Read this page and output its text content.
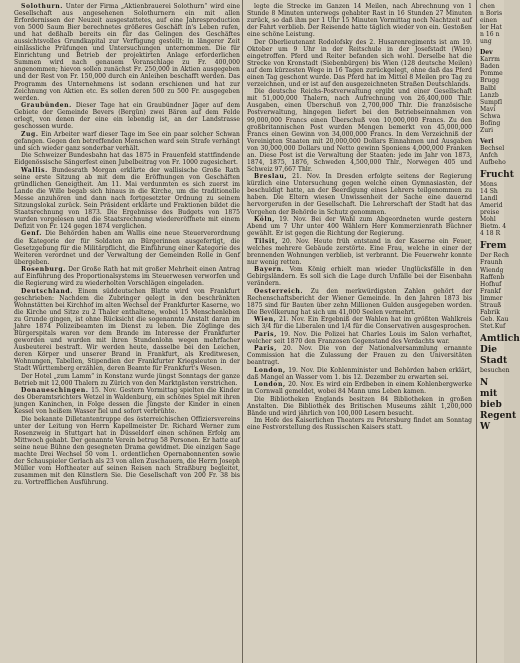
Solothurn. Unter der Firma „Aktienbrauerei Solothurn“ wird eine Gesellschaft aus angesehenen Solothurnern ein mit allen Erfordernissen der Neuzeit ausgestattetes, auf eine Jahresproduction von 5000 Saum Bier berechnetes größeres Geschäft in's Leben rufen, und hat deßhalb bereits ein für das Gelingen des Geschäftes aussichtsvolles Grundkapital zur Verfügung gestellt; in längerer Zeit einlässliche Prüfungen und Untersuchungen unternommen. Die für Einrichtung und Betrieb der projektirten Anlage erforderlichen Summen wird nach genauem Voranschlage zu Fr. 400,000 angenommen; hievon sollen zunächst Fr. 250,000 in Aktien ausgegeben und der Rest von Fr. 150,000 durch ein Anleihen beschafft werden. Das Programm des Unternehmens ist sodann erschienen und hat zur Zeichnung von Aktien etc. Es sollen deren 500 zu 500 Fr. ausgegeben werden.

Graubünden. Dieser Tage hat ein Graubündner Jäger auf dem Gebiete der Gemeinde Bevers (Bergün) zwei Bären auf dem Felde erlegt, von denen der eine ein lebendig ist, an der Landstrasse geschossen wurde.

Zug. Ein Arbeiter warf dieser Tage im See ein paar solcher Schwan gefangen. Gegen den betreffenden Menschen ward sein Strafe verhängt und sich wieder ganz sonderbar verhält.

Die Schweizer Bundesbahn hat das 1875 in Frauenfeld stattfindende Eidgenössische Sängerfest einen Jubelbeitrag von Fr. 1000 zugesichert.

Wallis. Bundesrath Morgan erklärte der wallisische Große Rath seine erste Sitzung ab mit dem die Eröffnungen von Geschäften gründlichen Geneigtheit. Am 11. Mai verdunmten es sich zuerst im Lande die Wille begab sich hinaus in die Kirche, um die traditionelle Messe anzuhören und dann nach fortgesetzter Ordnung zu seinem Sitzungslokal zurück. Sein Präsident erklärte und Fraktionen bildet die Staatsrechnung von 1873. Die Ergebnisse des Budgets von 1875 wurden vorgelesen und die Staatsrechnung wiedereröffnete mit einem Defizit von Fr. 124 gegen 1874 verglichen.

Genf. Die Behörden haben am Wallis eine neue Steuerverordnung die Kategorie der für Soldaten an Bürgerinnen ausgefertigt, die Gesetzgebung für die Militärpflicht, die Einführung einer Kategorie des Weiteren verordnet und der Verwaltung der Gemeinden Rolle in Genf übergeben.

Rosenburg. Der Große Rath hat mit großer Mehrheit einen Antrag auf Einführung des Proportionalsystems im Steuerwesen verworfen und die Regierung wird zu wiederholten Vorschlägen eingeladen.

Deutschland. Einem süddeutschen Blatte wird von Frankfurt geschrieben: Nachdem die Zubringer gelegt in den beschränkten Wohnstätten bei Kirchhof im alten Wechsel der Frankfurter Kaserne, wo die Kirche und Sitze zu 2 Thaler enthaltene, wobei 15 Menschenleben zu Grunde gingen, ist ohne Rücksicht die sogenannte Anstalt daran im Jahre 1874 Polizeibeamten im Dienst zu leben. Die Zöglinge des Bürgerspitals waren vor dem Brande im Interesse der Frankfurter geworden und wurden mit ihren Stundenlohn wegen mehrfacher Ausbeuterei bestraft. Wir werden heute, dasselbe bei den Leichen, deren Körper und unserer Brand in Frankfurt, als Kreditwesen, Wohnungen, Tabellen, Stipendien der Frankfurter Kriegsleuten in der Stadt Württemberg erzählen, deren Beamte für Frankfurt's Wesen.

Der Hotel „zum Lamm“ in Konstanz wurde jüngst Sonntags der ganze Betrieb mit 12,000 Thalern zu Zürich von den Marktgästen verstrichen.

Donaueschingen. 15. Nov. Gestern Vormittag spielten die Kinder des Oberamtsrichters Wetzel in Waldenburg, ein schönes Spiel mit ihren jungen Kaninchen, in Folge dessen die Jüngste der Kinder in einen Kessel von heißem Wasser fiel und sofort verbrühte.

Die bekannte Dilletantentruppe des österreichischen Offiziersvereins unter der Leitung von Herrn Kapellmeister Dr. Richard Werner zum Rosenzweig in Stuttgart hat in Düsseldorf einen schönen Erfolg am Mittwoch gehabt. Der genannte Verein betrug 58 Personen. Er hatte auf seine neue Bühne den gesegneten Drama gewidmet. Die einzigen Sage machte Drei Wechsel 50 vom 1. ordentlichen Opernabonnenten sowie der Schauspieler Gerlach als 23 von allen Zuschauern, die Herrn Joseph Müller vom Hoftheater auf seinen Reisen nach Straßburg begleitet, zusammen mit den Künstlern Sie. Die Gesellschaft von 200 Fr. 38 bis zu. Vortrefflichen Ausführung.

legte die Strecke im Ganzen 14 Meilen, nach Abrechnung von 1 Stunde 8 Minuten unterwegs gehabter Rast in 16 Stunden 27 Minuten zurück, so daß ihm per 1 Uhr 15 Minuten Vormittag noch Nachtzeit auf der Fahrt verblieb. Der Reisende hatte täglich wieder von ein. Gestoßen eine schöne Leistung.

Der Oberlieutenant Rodolofsky des 2. Husarenregiments ist am 19. Oktober um 9 Uhr in der Reitschule in der Josefstadt (Wien) eingetroffen. Pferd und Reiter befanden sich wohl. Derselbe hat die Strecke von Kronstadt (Siebenbürgen) bis Wien (128 deutsche Meilen) auf dem kürzesten Wege in 16 Tagen zurückgelegt, ohne daß das Pferd einen Tag geschont wurde. Das Pferd hat im Mittel 8 Meilen pro Tag zu verzeichnen, und er ist auf den ausgezeichneten Straßen Deutschlands.

Die deutsche Reichs-Postverwaltung ergibt und einer Gesellschaft mit 51,000,000 Thalern, nach Aufrechnung von 26,400,000 Thlr. Ausgaben, einen Überschuß von 2,700,000 Thlr. Die französische Postverwaltung, hingegen liefert bei den Betriebseinnahmen von 99,000,000 Francs einen Überschuß von 10,000,000 Francs. Zu den großbritannischen Post wurden Mengen bemerkt von 45,000,000 Francs einen Gewinn von 34,000,000 Francs. In dem Verzeichniß der Vereinigten Staaten mit 20,000,000 Dollars Einnahmen und Ausgaben von 30,000,000 Dollars und Netto gewinn Sponiens 4,000,000 Franken an. Diese Post ist die Verwaltung der Staaten: jede im Jahr von 1873, 1874, 1875, 1876, Schweden 4,500,000 Thlr., Norwegen 405 und Schweiz 97,667 Thlr.

Breslau, 21. Nov. In Dresden erfolgte seitens der Regierung kürzlich eine Untersuchung gegen welche einen Gymnasiasten, der beschuldigt hatte, an der Beerdigung eines Lehrers teilgenommen zu haben. Die Eltern wiesen Unwissenheit der Sache eine dauernd hervorgerufen in der Gesellschaft. Die Lehrerschaft der Stadt hat das Vorgehen der Behörde in Schutz genommen.

Köln, 19. Nov. Bei der Wahl zum Abgeordneten wurde gestern Abend um 7 Uhr unter 400 Wählern Herr Kommerzienrath Büchner gewählt. Er ist gegen die Richtung der Regierung.

Tilsit, 20. Nov. Heute früh entstand in der Kaserne ein Feuer, welches mehrere Gebäude zerstörte. Eine Frau, welche in einer der brennenden Wohnungen verblieb, ist verbrannt. Die Feuerwehr konnte nur wenig retten.

Bayern. Vom König erhielt man wieder Unglücksfälle in den Gebirgsländern. Es soll sich die Lage durch Unfälle bei der Eisenbahn verändern.

Oesterreich. Zu den merkwürdigsten Zahlen gehört der Rechenschaftsbericht der Wiener Gemeinde. In den Jahren 1873 bis 1875 sind für Bauten über zehn Millionen Gulden ausgegeben worden. Die Bevölkerung hat sich um 41,000 Seelen vermehrt.

Wien, 21. Nov. Ein Ergebniß der Wahlen hat im größten Wahlkreis sich 3/4 für die Liberalen und 1/4 für die Conservativen ausgesprochen.

Paris, 19. Nov. Die Polizei hat Charles Louis im Salon verhaftet, welcher seit 1870 den Franzosen Gegenstand des Verdachts war.

Paris, 20. Nov. Die von der Nationalversammlung ernannte Commission hat die Zulassung der Frauen zu den Universitäten beantragt.

London, 19. Nov. Die Kohlenminister und Behörden haben erklärt, daß Mangel an Wasser vom 1. bis 12. Dezember zu erwarten sei.

London, 20. Nov. Es wird ein Erdbeben in einem Kohlenbergwerke in Cornwall gemeldet, wobei 84 Mann ums Leben kamen.

Die Bibliotheken Englands besitzen 84 Bibliotheken in großen Anstalten. Die Bibliothek des Britischen Museums zählt 1,200,000 Bände und wird jährlich von 100,000 Lesern besucht.

Im Hofe des Kaiserlichen Theaters zu Petersburg findet am Sonntag eine Festvorstellung des Russischen Kaisers statt.

chen
n Boris
einen
ler Hat
n 16 n
ung
Dev
Karrm
Baden
Pomme
Brugg
Balbl
Lanzb
Sumpfl
Mavi
Schwa
Bofing
Zuri
Veri
Bechsel
Anfch
Aufbeho
Frucht
Mons
14 Sh
Landl
Amerid
preise
Mohl
Bietm. 4
4 18 R
Frem
Der Rech
Fraunh
Wiendg
Raffenb
Hofhuf
Frankf
Jimmer
Strauß
Fabrik
Geb. Kau
Stet.Kuf
Amtlich
Die
Stadt
besuchen
N
mit
bieb
Regent
W
